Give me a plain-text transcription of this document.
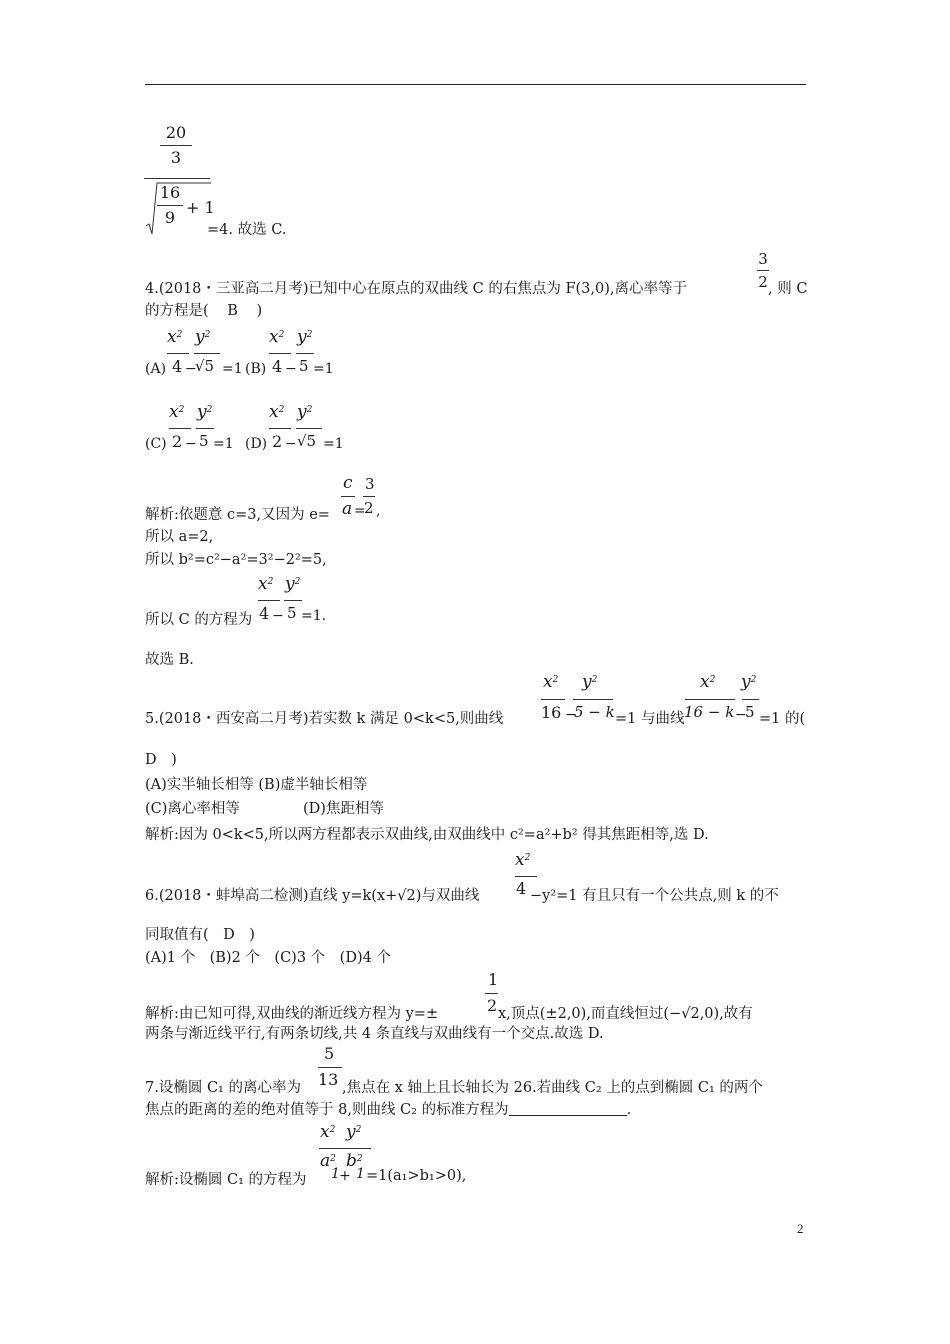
20
3
16
9
+ 1
=4. 故选 C.
3
2
4.(2018・三亚高二月考)已知中心在原点的双曲线 C 的右焦点为 F(3,0),离心率等于	, 则 C
的方程是( B )
(A)
$x^2$
4 −
$y^2$
√5 =1 (B)
$x^2$
4 −
$y^2$
5 =1
(C)
$x^2$
2 −
$y^2$
5 =1 (D)
$x^2$
2 −
$y^2$
√5 =1
解析:依题意 c=3,又因为 e=
c
a =
3
2 ,
所以 a=2,
所以 b²=c²−a²=3²−2²=5,
所以 C 的方程为
$x^2$
4 −
$y^2$
5 =1.
故选 B.
5.(2018・西安高二月考)若实数 k 满足 0<k<5,则曲线
$x^2$
16 −
$y^2$
5 − k =1 与曲线
$x^2$
16 − k −
$y^2$
5 =1 的(
D　)
(A)实半轴长相等 (B)虚半轴长相等
(C)离心率相等	(D)焦距相等
解析:因为 0<k<5,所以两方程都表示双曲线,由双曲线中 c²=a²+b² 得其焦距相等,选 D.
6.(2018・蚌埠高二检测)直线 y=k(x+√2)与双曲线
$x^2$
4 −y²=1 有且只有一个公共点,则 k 的不
同取值有(　D　)
(A)1 个　(B)2 个　(C)3 个　(D)4 个
解析:由已知可得,双曲线的渐近线方程为 y=±
1
2 x,顶点(±2,0),而直线恒过(−√2,0),故有
两条与渐近线平行,有两条切线,共 4 条直线与双曲线有一个交点.故选 D.
7.设椭圆 C₁ 的离心率为
5
13 ,焦点在 x 轴上且长轴长为 26.若曲线 C₂ 上的点到椭圆 C₁ 的两个
焦点的距离的差的绝对值等于 8,则曲线 C₂ 的标准方程为	.
解析:设椭圆 C₁ 的方程为
$x^2$
$a^2$
1 +
$y^2$
$b^2$
1 =1(a₁>b₁>0),
2
